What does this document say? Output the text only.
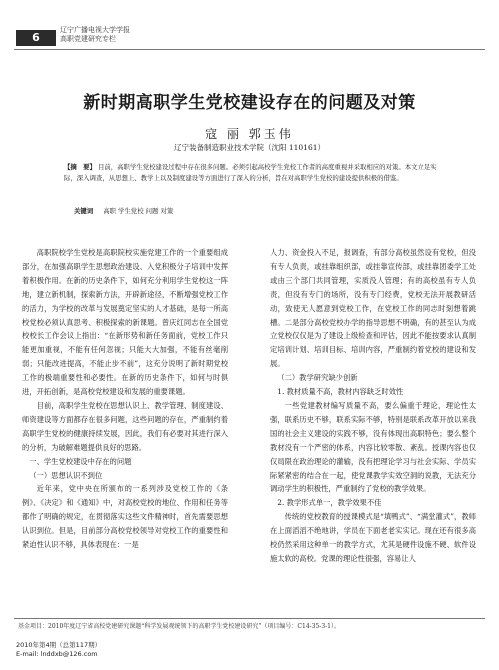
6
辽宁广播电视大学学报
高职党建研究专栏
新时期高职学生党校建设存在的问题及对策
寇 丽 郭玉伟
辽宁装备制造职业技术学院（沈阳 110161）
【摘　要】 目前，高职学生党校建设过程中存在很多问题。必须引起高校学生党校工作者的高度重视并采取相应的对策。本文立足实际，深入调查，从思想上、教学上以及制度建设等方面进行了深入的分析，旨在对高职学生党校的建设提供积极的借鉴。
关键词 高职 学生党校 问题 对策

高职院校学生党校是高职院校实施党建工作的一个重要组成部分，在加强高职学生思想政治建设、入党积极分子培训中发挥着积极作用。在新的历史条件下，如何充分利用学生党校这一阵地，建立新机制，探索新方法，开辟新途径，不断增强党校工作的活力，为学校的改革与发展奠定坚实的人才基础，是每一所高校党校必须认真思考、积极探索的新课题。曾庆红同志在全国党校校长工作会议上指出：“在新形势和新任务面前，党校工作只能更加重视，不能有任何忽视；只能大大加强，不能有丝毫削弱；只能改进提高，不能止步不前”，这充分说明了新时期党校工作的极端重要性和必要性。在新的历史条件下，如何与时俱进，开拓创新，是高校党校建设和发展的重要课题。

目前，高职学生党校在思想认识上、教学管理、制度建设、师资建设等方面都存在很多问题，这些问题的存在，严重制约着高职学生党校的健康持续发展，因此，我们有必要对其进行深入的分析，为破解难题提供良好的思路。

一、学生党校建设中存在的问题
（一）思想认识不到位

近年来，党中央在所颁布的一系列涉及党校工作的《条例》、《决定》和《通知》中，对高校党校的地位、作用和任务等都作了明确的规定，在贯彻落实这些文件精神时，首先需要思想认识到位。但是，目前部分高校党校领导对党校工作的重要性和紧迫性认识不够，具体表现在：一是

人力、资金投入不足，报调查，有部分高校虽然设有党校，但没有专人负责，或挂靠组织部，或挂靠宣传部，或挂靠团委学工处或由三个部门共同管理，实质没人管理；有的高校虽有专人负责，但没有专门的场所，没有专门经费，党校无法开展教研活动，致使无人愿意到党校工作，在党校工作的同志时刻想着跳槽。二是部分高校党校办学的指导思想不明确，有的甚至认为成立党校仅仅是为了建设上级检查和评估，因此不能按要求认真制定培训计划、培训目标、培训内容，严重制约着党校的建设和发展。

（二）教学研究缺少创新
1. 教材质量不高，教材内容缺乏时效性

一些党建教材编写质量不高，要么偏重于理论，理论性太强，联系历史不够，联系实际不够，特别是联系改革开放以来我国的社会主义建设的实践不够，没有体现出高职特色；要么整个教材没有一个严密的体系，内容比较零散、紊乱。授课内容也仅仅局限在政治理论的灌输，没有把理论学习与社会实际、学员实际紧紧密的结合在一起，使党课教学实效空洞的说教，无法充分调动学生的积极性，严重制约了党校的教学效果。

2. 教学形式单一，教学效果不佳

传统的党校教育的授课模式是“填鸭式”、“满堂灌式”，教师在上面滔滔不绝地讲，学员在下面老老实实记。现在还有很多高校仍然采用这种单一的教学方式，尤其是硬件设施不硬、软件设施太软的高校。党课的理论性很强，容易让人

基金项目：2010年度辽宁省高校党建研究课题“科学发展观统领下的高职学生党校建设研究”（项目编号：C14-35-3-1）。
2010年第4期（总第117期）
E-mail: lnddxb@126.com
